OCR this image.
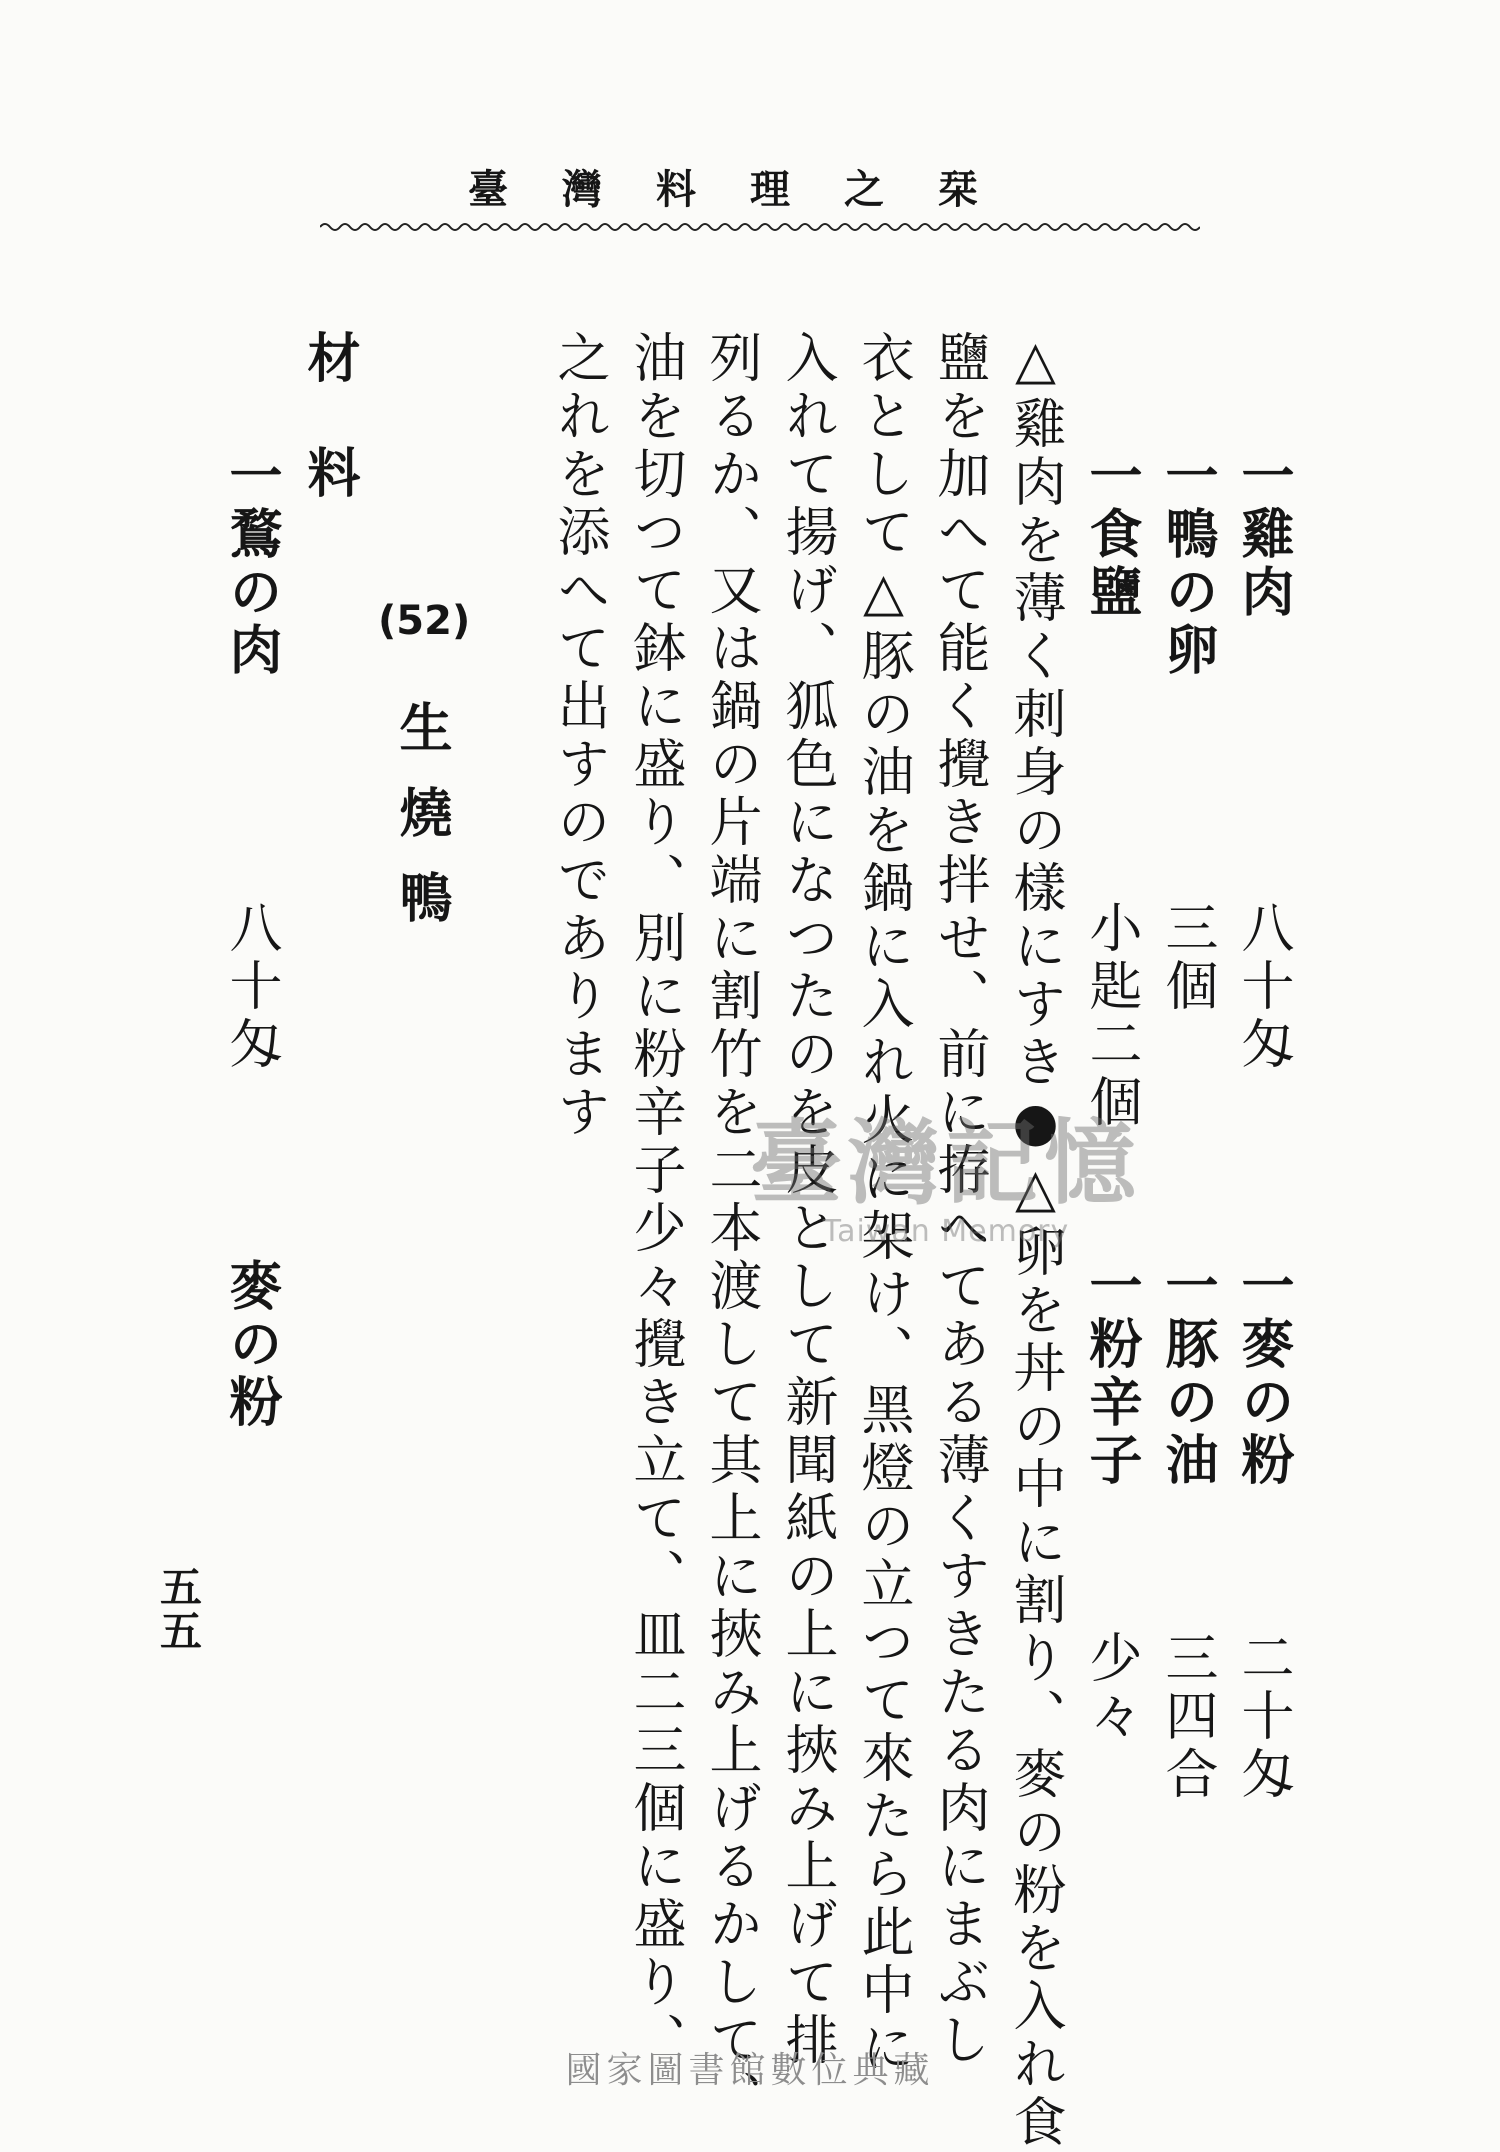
臺灣料理之栞
一雞肉
八十匁
一麥の粉
二十匁
一鴨の卵
三個
一豚の油
三四合
一食鹽
小匙二個
一粉辛子
少々
△雞肉を薄く刺身の樣にすき●△卵を丼の中に割り、麥の粉を入れ食
鹽を加へて能く攪き拌せ、前に拵へてある薄くすきたる肉にまぶし
衣として△豚の油を鍋に入れ火に架け、黑燈の立つて來たら此中に
入れて揚げ、狐色になつたのを皮として新聞紙の上に挾み上げて排
列るか、又は鍋の片端に割竹を二本渡して其上に挾み上げるかして、
油を切つて鉢に盛り、別に粉辛子少々攪き立て、皿二三個に盛り、
之れを添へて出すのであります
(52)
生燒鴨
材料
一鶩の肉
八十匁
麥の粉
五五
臺灣記憶
Taiwan Memory
國家圖書館數位典藏
